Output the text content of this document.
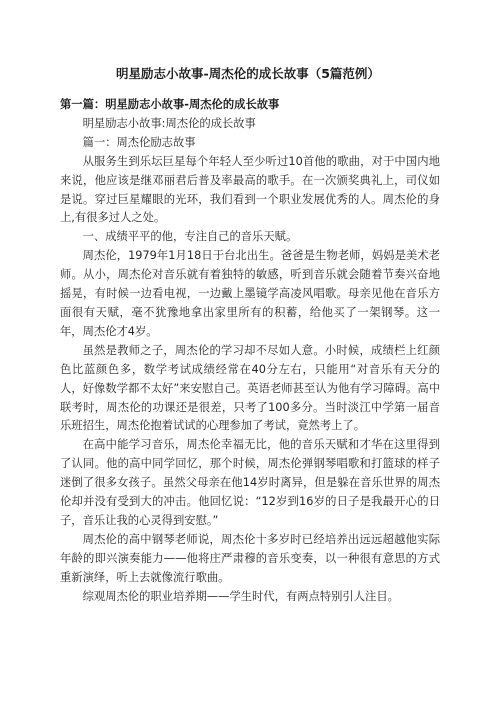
明星励志小故事-周杰伦的成长故事（5篇范例）
第一篇：明星励志小故事-周杰伦的成长故事

明星励志小故事:周杰伦的成长故事

篇一：周杰伦励志故事

从服务生到乐坛巨星每个年轻人至少听过10首他的歌曲，对于中国内地来说，他应该是继邓丽君后普及率最高的歌手。在一次颁奖典礼上，司仪如是说。穿过巨星耀眼的光环，我们看到一个职业发展优秀的人。周杰伦的身上,有很多过人之处。

一、成绩平平的他，专注自己的音乐天赋。

周杰伦，1979年1月18日于台北出生。爸爸是生物老师，妈妈是美术老师。从小，周杰伦对音乐就有着独特的敏感，听到音乐就会随着节奏兴奋地摇晃，有时候一边看电视，一边戴上墨镜学高凌风唱歌。母亲见他在音乐方面很有天赋，毫不犹豫地拿出家里所有的积蓄，给他买了一架钢琴。这一年，周杰伦才4岁。

虽然是教师之子，周杰伦的学习却不尽如人意。小时候，成绩栏上红颜色比蓝颜色多，数学考试成绩经常在40分左右，只能用“对音乐有天分的人，好像数学都不太好”来安慰自己。英语老师甚至认为他有学习障碍。高中联考时，周杰伦的功课还是很差，只考了100多分。当时淡江中学第一届音乐班招生，周杰伦抱着试试的心理参加了考试，竟然考上了。

在高中能学习音乐，周杰伦幸福无比，他的音乐天赋和才华在这里得到了认同。他的高中同学回忆，那个时候，周杰伦弹钢琴唱歌和打篮球的样子迷倒了很多女孩子。虽然父母亲在他14岁时离异，但是躲在音乐世界的周杰伦却并没有受到大的冲击。他回忆说：“12岁到16岁的日子是我最开心的日子，音乐让我的心灵得到安慰。”

周杰伦的高中钢琴老师说，周杰伦十多岁时已经培养出远远超越他实际年龄的即兴演奏能力——他将庄严肃穆的音乐变奏，以一种很有意思的方式重新演绎，听上去就像流行歌曲。

综观周杰伦的职业培养期——学生时代，有两点特别引人注目。
